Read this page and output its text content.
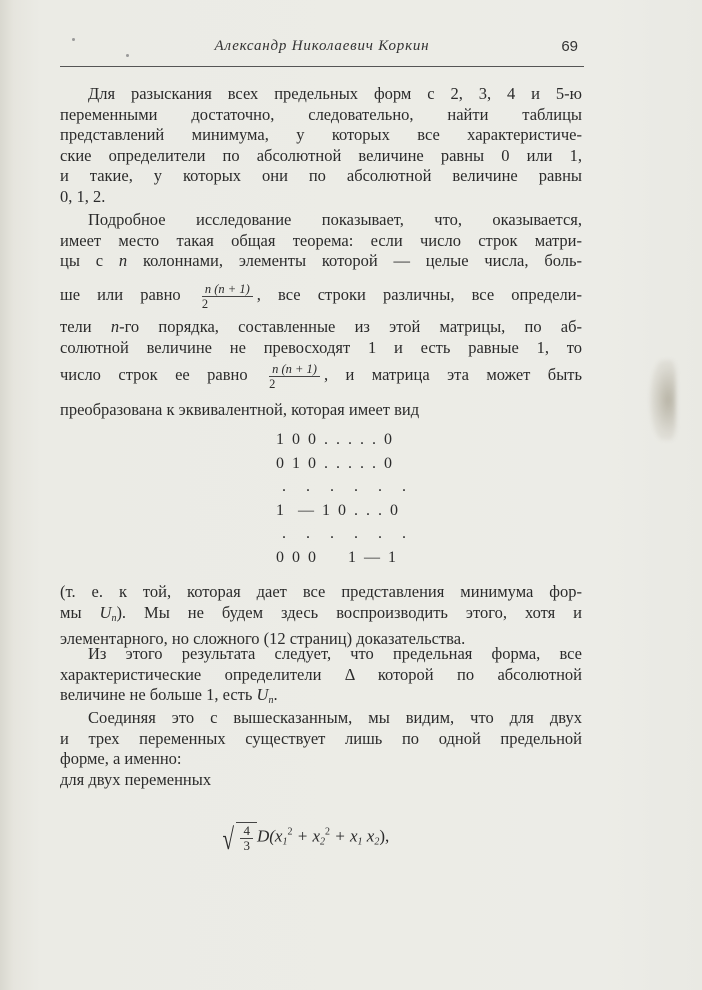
Александр Николаевич Коркин	69
Для разыскания всех предельных форм с 2, 3, 4 и 5-ю
переменными достаточно, следовательно, найти таблицы
представлений минимума, у которых все характеристиче-
ские определители по абсолютной величине равны 0 или 1,
и такие, у которых они по абсолютной величине равны
0, 1, 2.
Подробное исследование показывает, что, оказывается,
имеет место такая общая теорема: если число строк матри-
цы с n колоннами, элементы которой — целые числа, боль-
ше или равно $\frac{n (n + 1)}{2}$ , все строки различны, все определи-
тели n-го порядка, составленные из этой матрицы, по аб-
солютной величине не превосходят 1 и есть равные 1, то
число строк ее равно $\frac{n (n + 1)}{2}$ , и матрица эта может быть
преобразована к эквивалентной, которая имеет вид
1 0 0 . . . . . 0
0 1 0 . . . . . 0
.   .   .   .   .   .
1  — 1 0 . . . 0
.   .   .   .   .   .
0 0 0     1 — 1
(т. е. к той, которая дает все представления минимума фор-
мы $U_n$). Мы не будем здесь воспроизводить этого, хотя и
элементарного, но сложного (12 страниц) доказательства.
Из этого результата следует, что предельная форма, все
характеристические определители Δ которой по абсолютной
величине не больше 1, есть $U_n$.
Соединяя это с вышесказанным, мы видим, что для двух
и трех переменных существует лишь по одной предельной
форме, а именно:
для двух переменных
√ $\frac{4}{3} D(x_1^2 + x_2^2 + x_1$ $x_2$),
